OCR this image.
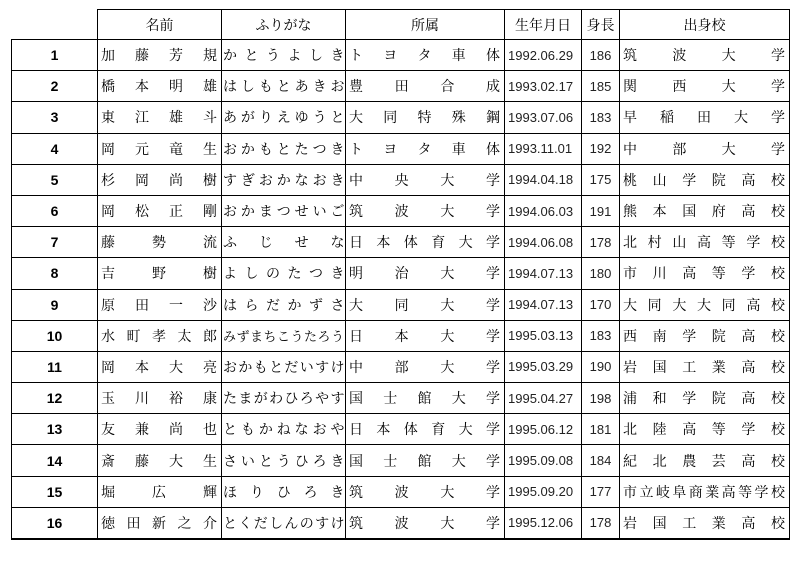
	名前	ふりがな	所属	生年月日	身長	出身校
1	加藤芳規	かとうよしき	トヨタ車体	1992.06.29	186	筑波大学
2	橋本明雄	はしもとあきお	豊田合成	1993.02.17	185	関西大学
3	東江雄斗	あがりえゆうと	大同特殊鋼	1993.07.06	183	早稲田大学
4	岡元竜生	おかもとたつき	トヨタ車体	1993.11.01	192	中部大学
5	杉岡尚樹	すぎおかなおき	中央大学	1994.04.18	175	桃山学院高校
6	岡松正剛	おかまつせいご	筑波大学	1994.06.03	191	熊本国府高校
7	藤勢流	ふじせな	日本体育大学	1994.06.08	178	北村山高等学校
8	吉野樹	よしのたつき	明治大学	1994.07.13	180	市川高等学校
9	原田一沙	はらだかずさ	大同大学	1994.07.13	170	大同大大同高校
10	水町孝太郎	みずまちこうたろう	日本大学	1995.03.13	183	西南学院高校
11	岡本大亮	おかもとだいすけ	中部大学	1995.03.29	190	岩国工業高校
12	玉川裕康	たまがわひろやす	国士館大学	1995.04.27	198	浦和学院高校
13	友兼尚也	ともかねなおや	日本体育大学	1995.06.12	181	北陸高等学校
14	斎藤大生	さいとうひろき	国士館大学	1995.09.08	184	紀北農芸高校
15	堀広輝	ほりひろき	筑波大学	1995.09.20	177	市立岐阜商業高等学校
16	徳田新之介	とくだしんのすけ	筑波大学	1995.12.06	178	岩国工業高校
